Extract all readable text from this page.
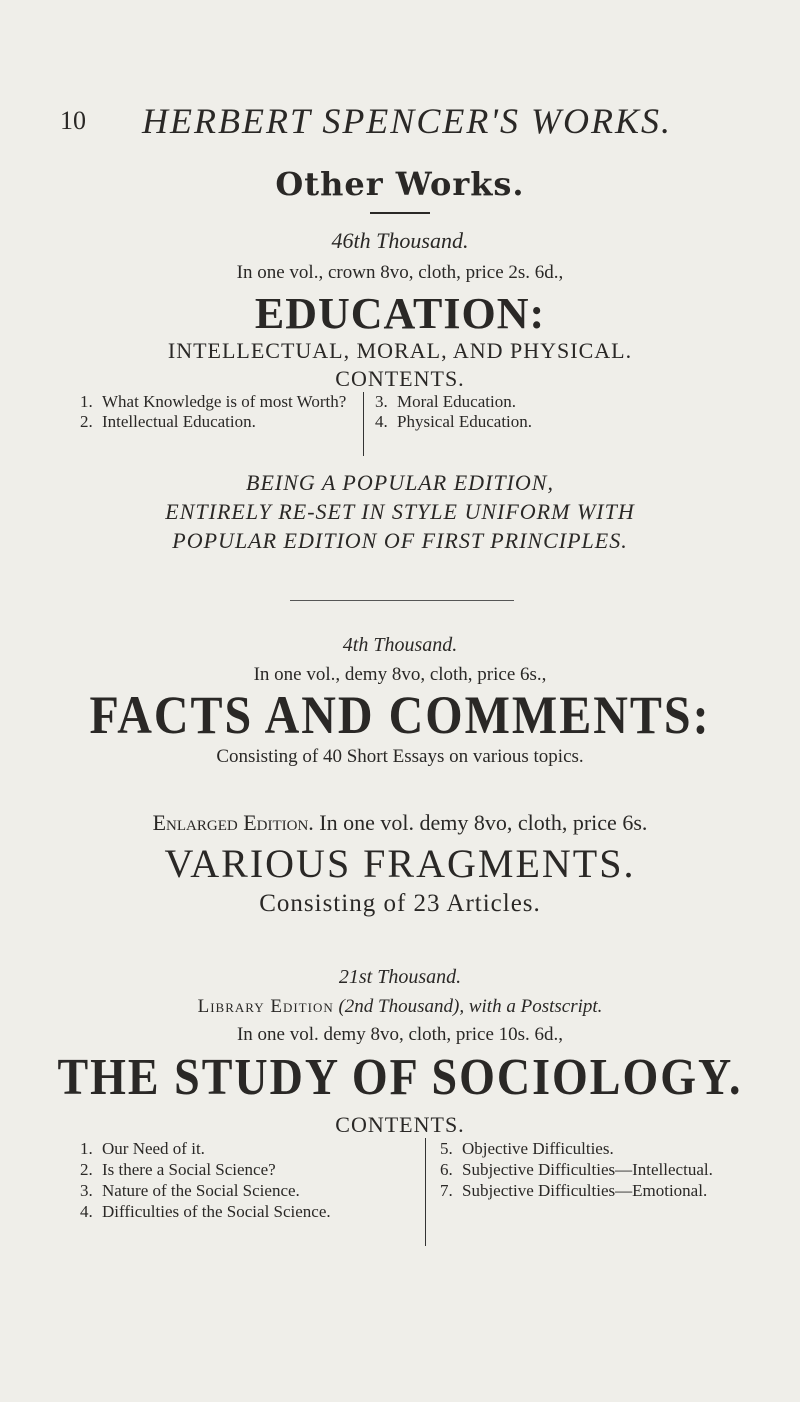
10 HERBERT SPENCER'S WORKS.
Other Works.
46th Thousand.
In one vol., crown 8vo, cloth, price 2s. 6d.,
EDUCATION:
INTELLECTUAL, MORAL, AND PHYSICAL.
CONTENTS.
1. What Knowledge is of most Worth?
2. Intellectual Education.
3. Moral Education.
4. Physical Education.
BEING A POPULAR EDITION,
ENTIRELY RE-SET IN STYLE UNIFORM WITH
POPULAR EDITION OF FIRST PRINCIPLES.
4th Thousand.
In one vol., demy 8vo, cloth, price 6s.,
FACTS AND COMMENTS:
Consisting of 40 Short Essays on various topics.
Enlarged Edition. In one vol. demy 8vo, cloth, price 6s.
VARIOUS FRAGMENTS.
Consisting of 23 Articles.
21st Thousand.
Library Edition (2nd Thousand), with a Postscript.
In one vol. demy 8vo, cloth, price 10s. 6d.,
THE STUDY OF SOCIOLOGY.
CONTENTS.
1. Our Need of it.
2. Is there a Social Science?
3. Nature of the Social Science.
4. Difficulties of the Social Science.
5. Objective Difficulties.
6. Subjective Difficulties—Intellectual.
7. Subjective Difficulties—Emotional.
